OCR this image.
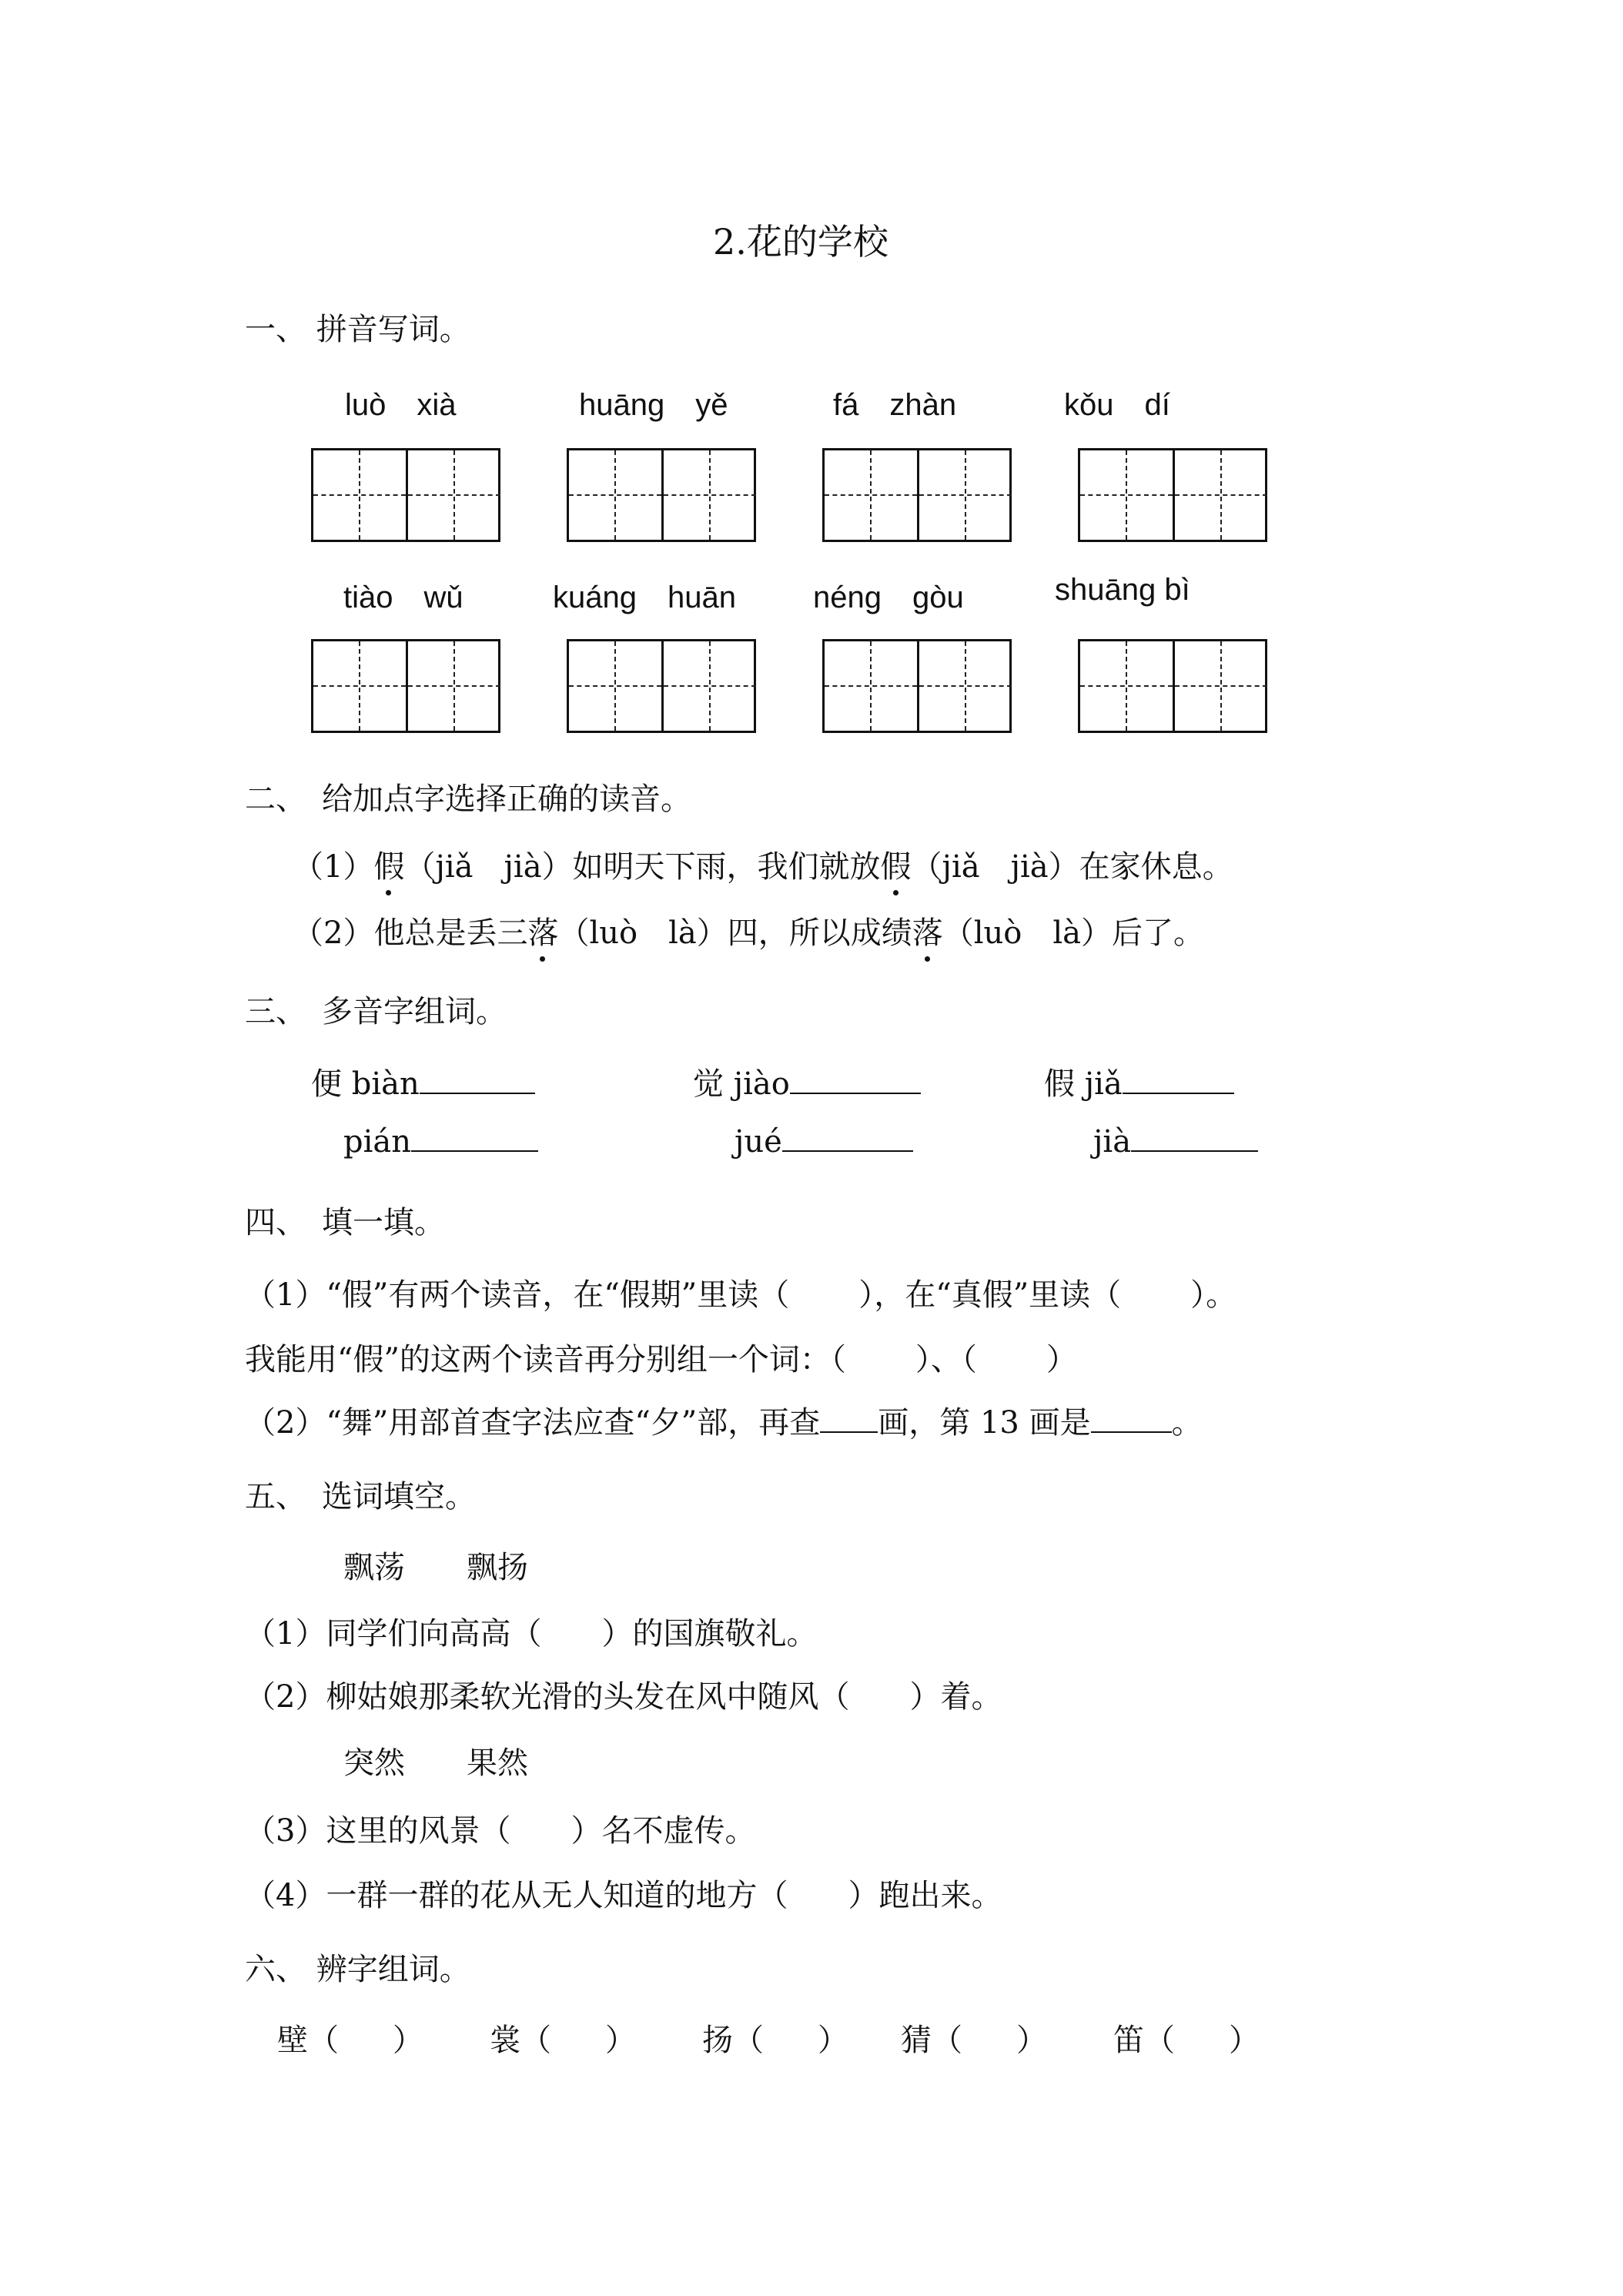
2.花的学校
一、 拼音写词。
luò　xià	huāng　yě	fá　zhàn	kǒu　dí
tiào　wǔ	kuáng　huān	néng　gòu	shuāng bì
二、　给加点字选择正确的读音。
（1）假（jiǎ　jià）如明天下雨，我们就放假（jiǎ　jià）在家休息。
（2）他总是丢三落（luò　là）四，所以成绩落（luò　là）后了。
三、　多音字组词。
便 biàn	觉 jiào	假 jiǎ
pián	jué	jià
四、　填一填。
（1）“假”有两个读音，在“假期”里读（ ），在“真假”里读（ ）。
我能用“假”的这两个读音再分别组一个词：（ ）、（ ）
（2）“舞”用部首查字法应查“夕”部，再查 画，第 13 画是	。
五、　选词填空。
飘荡　　飘扬
（1）同学们向高高（ ）的国旗敬礼。
（2）柳姑娘那柔软光滑的头发在风中随风（ ）着。
突然　　果然
（3）这里的风景（ ）名不虚传。
（4）一群一群的花从无人知道的地方（ ）跑出来。
六、 辨字组词。
壁（ ） 裳（ ） 扬（ ） 猜（ ） 笛（ ）
